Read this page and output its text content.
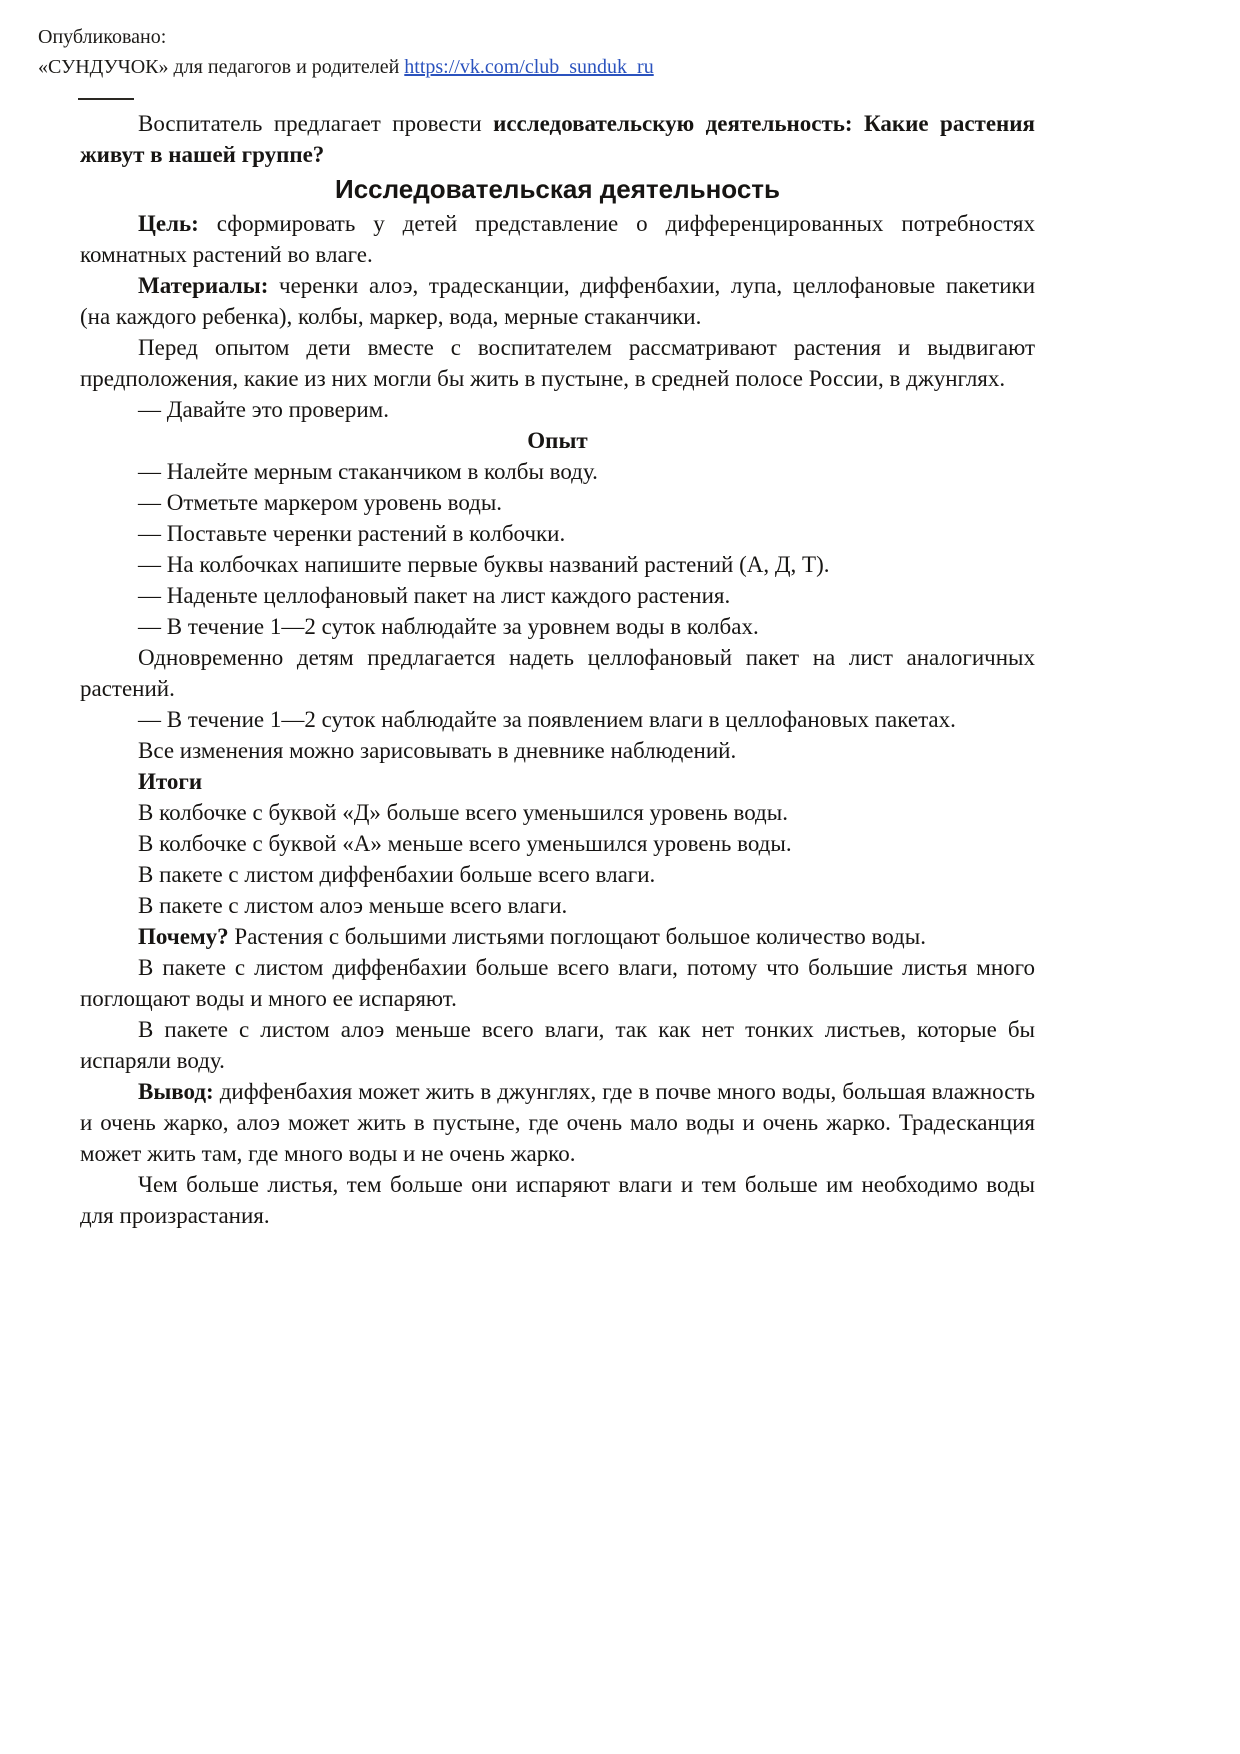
Опубликовано:
«СУНДУЧОК» для педагогов и родителей https://vk.com/club_sunduk_ru

Воспитатель предлагает провести исследовательскую деятельность: Какие растения живут в нашей группе?

Исследовательская деятельность

Цель: сформировать у детей представление о дифференцированных потребностях комнатных растений во влаге.

Материалы: черенки алоэ, традесканции, диффенбахии, лупа, целлофановые пакетики (на каждого ребенка), колбы, маркер, вода, мерные стаканчики.

Перед опытом дети вместе с воспитателем рассматривают растения и выдвигают предположения, какие из них могли бы жить в пустыне, в средней полосе России, в джунглях.

— Давайте это проверим.

Опыт

— Налейте мерным стаканчиком в колбы воду.

— Отметьте маркером уровень воды.

— Поставьте черенки растений в колбочки.

— На колбочках напишите первые буквы названий растений (А, Д, Т).

— Наденьте целлофановый пакет на лист каждого растения.

— В течение 1—2 суток наблюдайте за уровнем воды в колбах.

Одновременно детям предлагается надеть целлофановый пакет на лист аналогичных растений.

— В течение 1—2 суток наблюдайте за появлением влаги в целлофановых пакетах.

Все изменения можно зарисовывать в дневнике наблюдений.

Итоги

В колбочке с буквой «Д» больше всего уменьшился уровень воды.

В колбочке с буквой «А» меньше всего уменьшился уровень воды.

В пакете с листом диффенбахии больше всего влаги.

В пакете с листом алоэ меньше всего влаги.

Почему? Растения с большими листьями поглощают большое количество воды.

В пакете с листом диффенбахии больше всего влаги, потому что большие листья много поглощают воды и много ее испаряют.

В пакете с листом алоэ меньше всего влаги, так как нет тонких листьев, которые бы испаряли воду.

Вывод: диффенбахия может жить в джунглях, где в почве много воды, большая влажность и очень жарко, алоэ может жить в пустыне, где очень мало воды и очень жарко. Традесканция может жить там, где много воды и не очень жарко.

Чем больше листья, тем больше они испаряют влаги и тем больше им необходимо воды для произрастания.
